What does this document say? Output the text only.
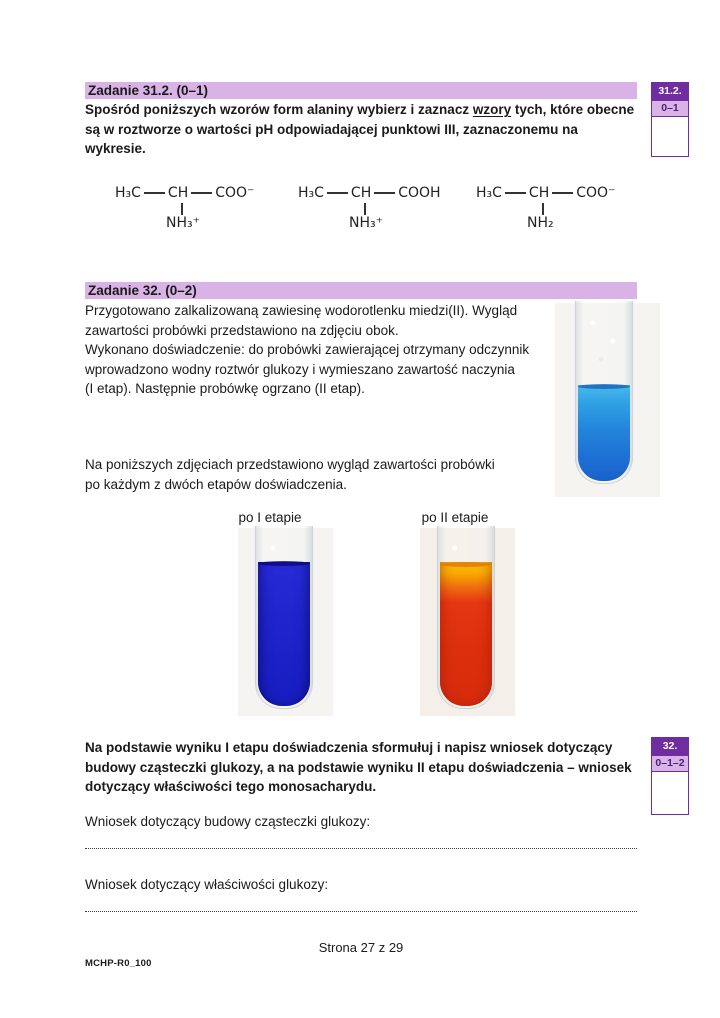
Zadanie 31.2. (0–1)	31.2.
0–1
Spośród poniższych wzorów form alaniny wybierz i zaznacz wzory tych, które obecne
są w roztworze o wartości pH odpowiadającej punktowi III, zaznaczonemu na
wykresie.
H₃C CH COO⁻
NH₃⁺
H₃C CH COOH
NH₃⁺
H₃C CH COO⁻
NH₂
Zadanie 32. (0–2)
Przygotowano zalkalizowaną zawiesinę wodorotlenku miedzi(II). Wygląd
zawartości probówki przedstawiono na zdjęciu obok.
Wykonano doświadczenie: do probówki zawierającej otrzymany odczynnik
wprowadzono wodny roztwór glukozy i wymieszano zawartość naczynia
(I etap). Następnie probówkę ogrzano (II etap).
Na poniższych zdjęciach przedstawiono wygląd zawartości probówki
po każdym z dwóch etapów doświadczenia.
po I etapie	po II etapie
Na podstawie wyniku I etapu doświadczenia sformułuj i napisz wniosek dotyczący
budowy cząsteczki glukozy, a na podstawie wyniku II etapu doświadczenia – wniosek
dotyczący właściwości tego monosacharydu.
32.
0–1–2
Wniosek dotyczący budowy cząsteczki glukozy:
Wniosek dotyczący właściwości glukozy:
Strona 27 z 29
MCHP-R0_100
